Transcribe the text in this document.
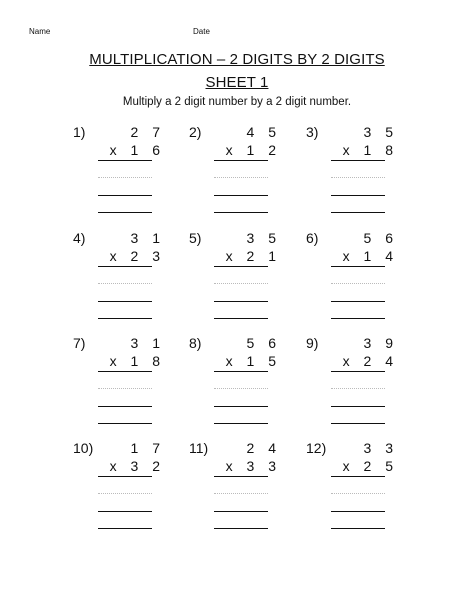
Name	Date
MULTIPLICATION – 2 DIGITS BY 2 DIGITS
SHEET 1
Multiply a 2 digit number by a 2 digit number.
1)	2 7
x 1 6
2)	4 5
x 1 2
3)	3 5
x 1 8
4)	3 1
x 2 3
5)	3 5
x 2 1
6)	5 6
x 1 4
7)	3 1
x 1 8
8)	5 6
x 1 5
9)	3 9
x 2 4
10)	1 7
x 3 2
11)	2 4
x 3 3
12)	3 3
x 2 5
